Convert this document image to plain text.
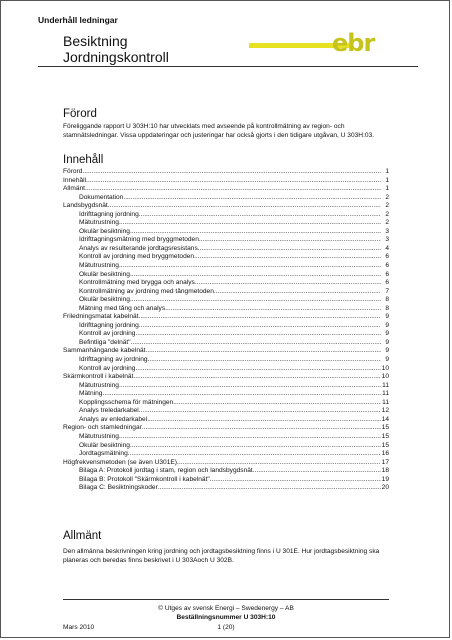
Underhåll ledningar
Besiktning
Jordningskontroll	ebr
Förord
Föreliggande rapport U 303H:10 har utvecklats med avseende på kontrollmätning av region- och stamnätsledningar. Vissa uppdateringar och justeringar har också gjorts i den tidigare utgåvan, U 303H:03.
Innehåll
Förord .....	1
Innehåll .....	1
Allmänt .....	1
Dokumentation .....	2
Landsbygdsnät .....	2
Idrifttagning jordning .....	2
Mätutrustning .....	2
Okulär besiktning .....	3
Idrifttagningsmätning med bryggmetoden .....	3
Analys av resulterande jordtagsresistans .....	4
Kontroll av jordning med bryggmetoden .....	6
Mätutrustning .....	6
Okulär besiktning .....	6
Kontrollmätning med brygga och analys .....	6
Kontrollmätning av jordning med tångmetoden .....	7
Okulär besiktning .....	8
Mätning med tång och analys .....	8
Friledningsmatat kabelnät .....	9
Idrifttagning jordning .....	9
Kontroll av jordning .....	9
Befintliga "delnät" .....	9
Sammanhängande kabelnät .....	9
Idrifttagning av jordning .....	9
Kontroll av jordning .....	10
Skärmkontroll i kabelnät .....	10
Mätutrustning .....	11
Mätning .....	11
Kopplingsschema för mätningen .....	11
Analys treledarkabel .....	12
Analys av enledarkabel .....	14
Region- och stamledningar .....	15
Mätutrustning .....	15
Okulär besiktning .....	15
Jordtagsmätning .....	16
Högfrekvensmetoden (se även U301E) .....	17
Bilaga A: Protokoll jordtag i stam, region och landsbygdsnät .....	18
Bilaga B: Protokoll "Skärmkontroll i kabelnät" .....	19
Bilaga C: Besiktningskoder .....	20
Allmänt
Den allmänna beskrivningen kring jordning och jordtagsbesiktning finns i U 301E. Hur jordtagsbesiktning ska planeras och beredas finns beskrivet i U 303Aoch U 302B.
© Utges av svensk Energi – Swedenergy – AB
Beställningsnummer U 303H:10
Mars 2010	1 (20)
